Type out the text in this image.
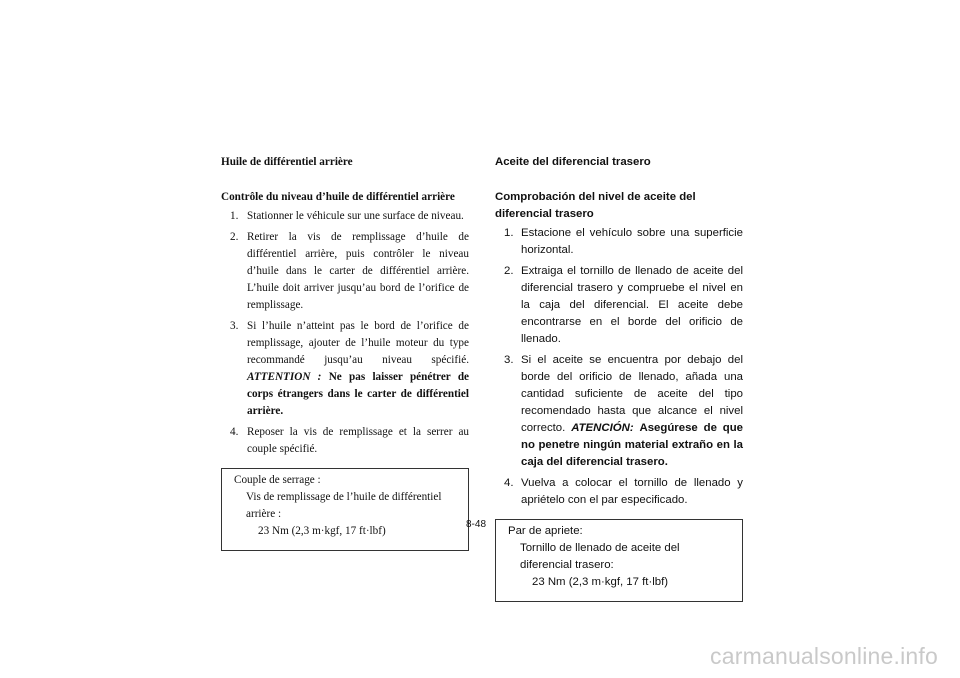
Huile de différentiel arrière
Contrôle du niveau d’huile de différentiel arrière
1. Stationner le véhicule sur une surface de niveau.
2. Retirer la vis de remplissage d’huile de différentiel arrière, puis contrôler le niveau d’huile dans le carter de différentiel arrière. L’huile doit arriver jusqu’au bord de l’orifice de remplissage.
3. Si l’huile n’atteint pas le bord de l’orifice de remplissage, ajouter de l’huile moteur du type recommandé jusqu’au niveau spécifié. ATTENTION : Ne pas laisser pénétrer de corps étrangers dans le carter de différentiel arrière.
4. Reposer la vis de remplissage et la serrer au couple spécifié.
Couple de serrage :
Vis de remplissage de l’huile de différentiel arrière :
23 Nm (2,3 m·kgf, 17 ft·lbf)
Aceite del diferencial trasero
Comprobación del nivel de aceite del diferencial trasero
1. Estacione el vehículo sobre una superficie horizontal.
2. Extraiga el tornillo de llenado de aceite del diferencial trasero y compruebe el nivel en la caja del diferencial. El aceite debe encontrarse en el borde del orificio de llenado.
3. Si el aceite se encuentra por debajo del borde del orificio de llenado, añada una cantidad suficiente de aceite del tipo recomendado hasta que alcance el nivel correcto. ATENCIÓN: Asegúrese de que no penetre ningún material extraño en la caja del diferencial trasero.
4. Vuelva a colocar el tornillo de llenado y apriételo con el par especificado.
Par de apriete:
Tornillo de llenado de aceite del diferencial trasero:
23 Nm (2,3 m·kgf, 17 ft·lbf)
8-48
carmanualsonline.info
